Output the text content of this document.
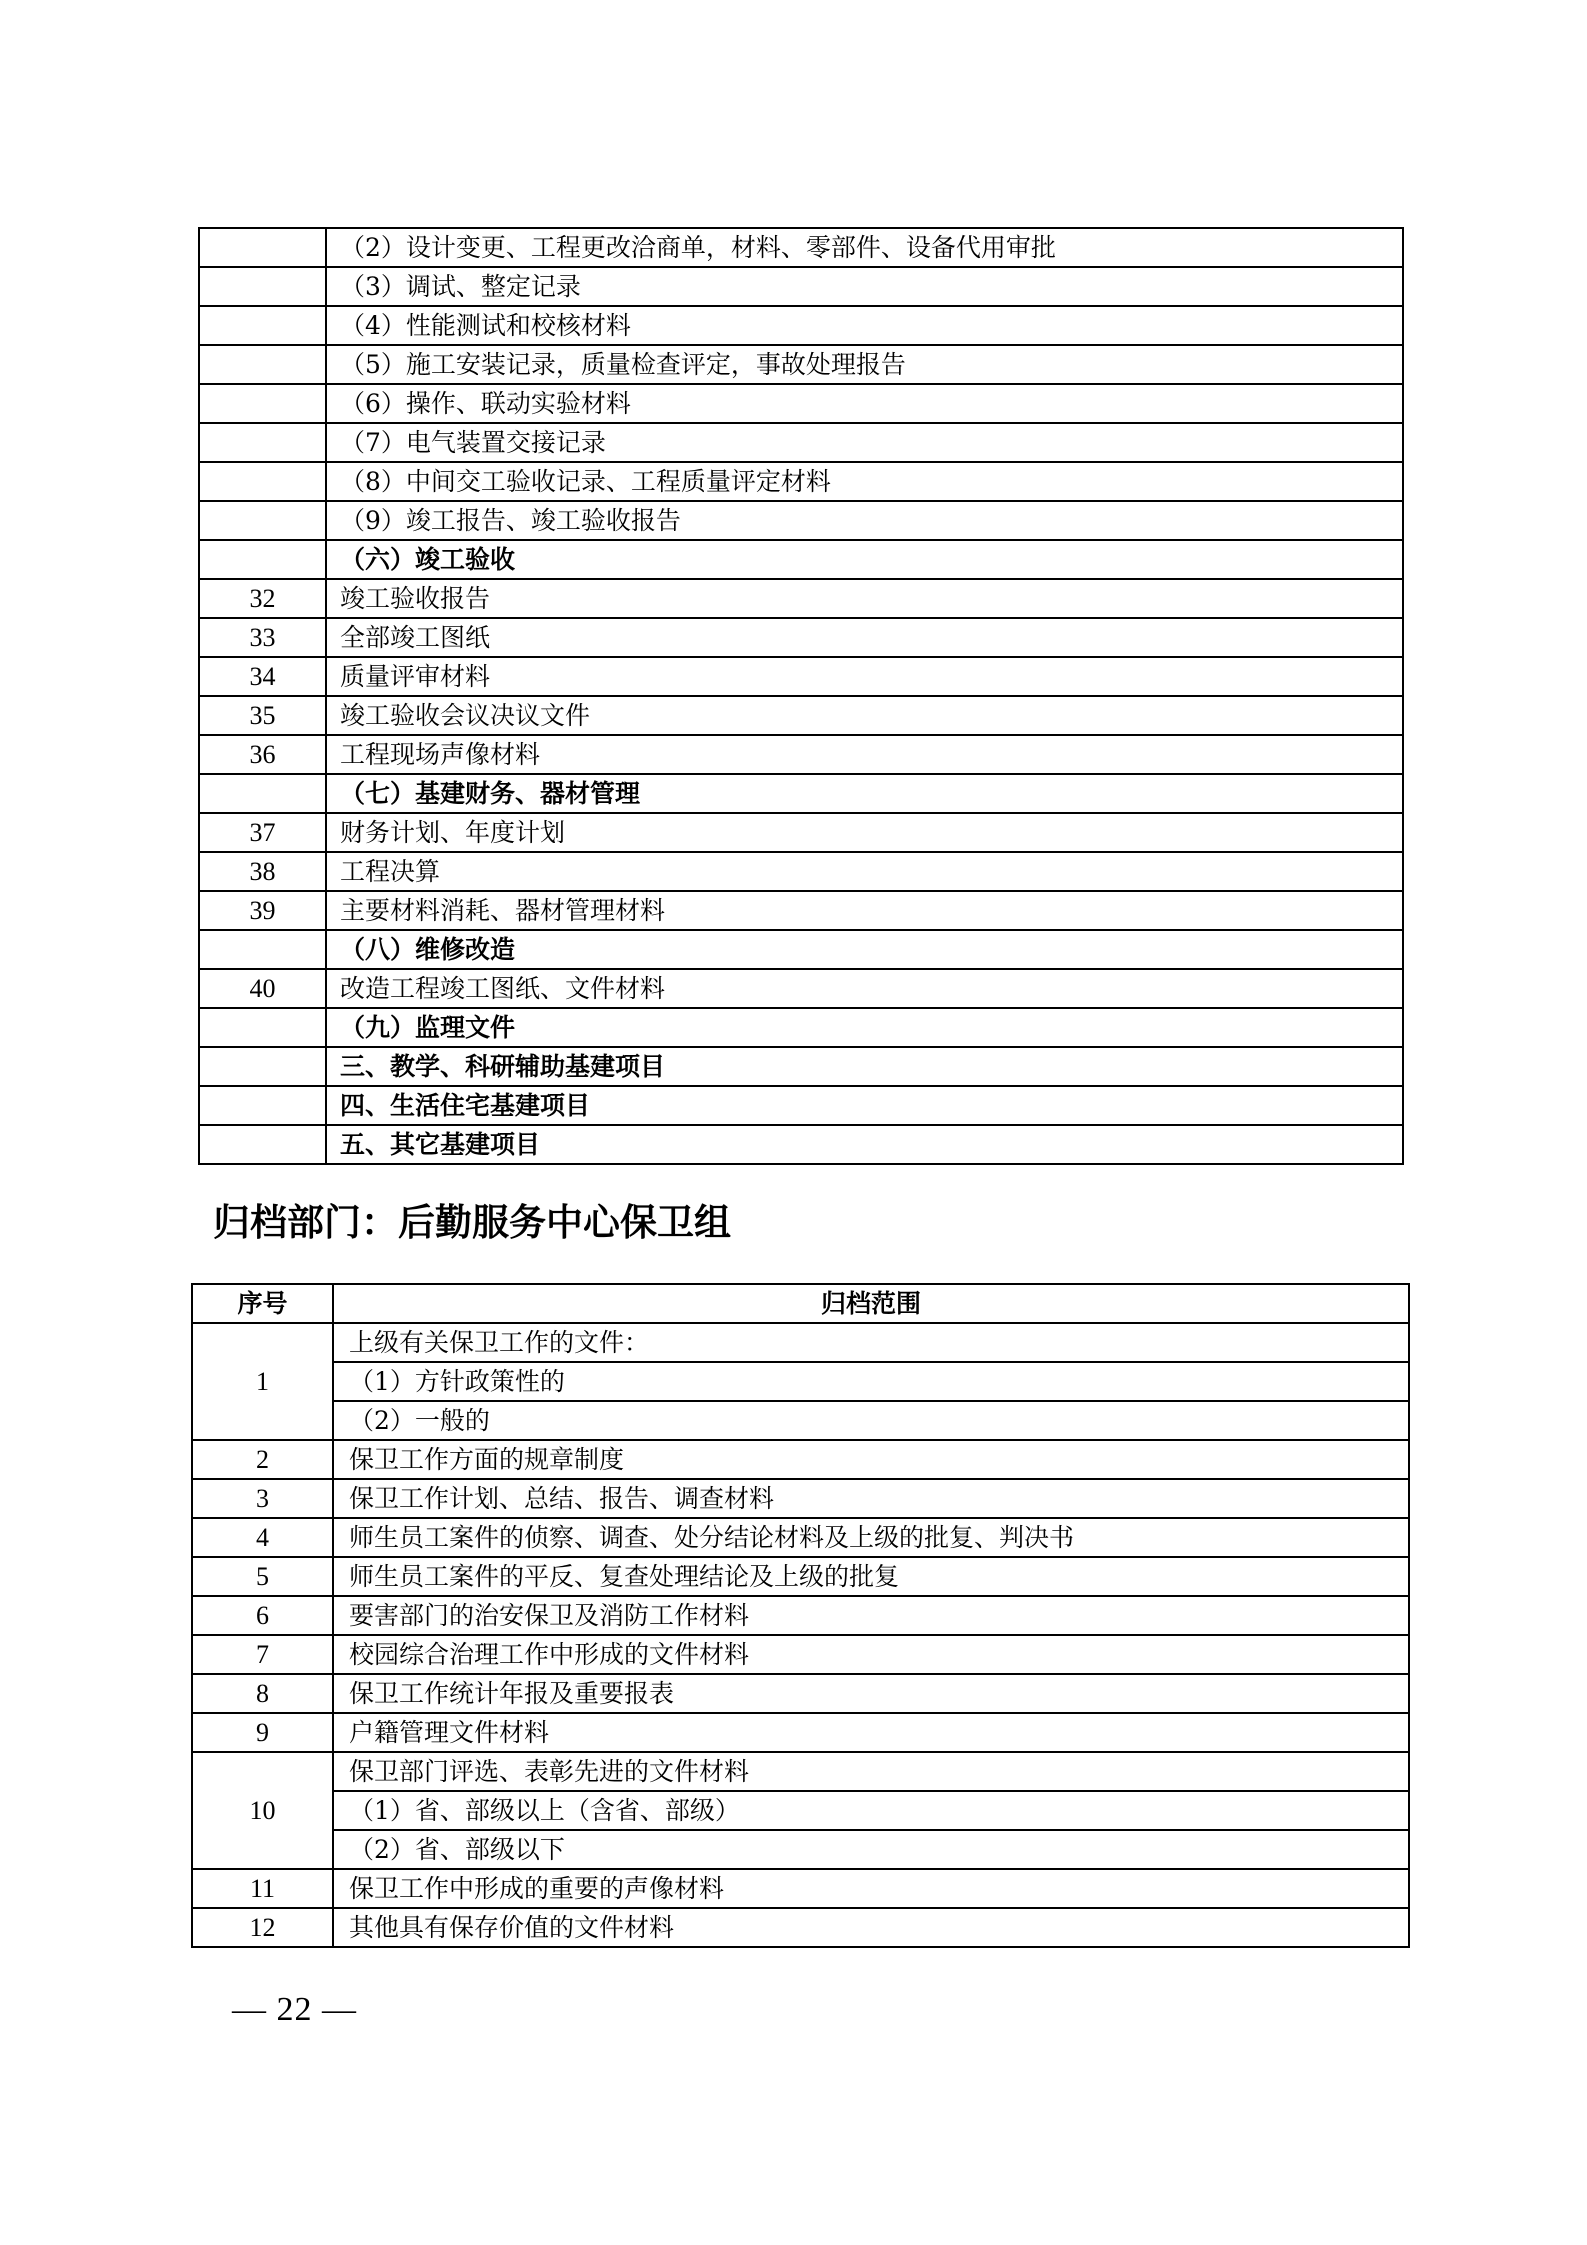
	（2）设计变更、工程更改洽商单，材料、零部件、设备代用审批
	（3）调试、整定记录
	（4）性能测试和校核材料
	（5）施工安装记录，质量检查评定，事故处理报告
	（6）操作、联动实验材料
	（7）电气装置交接记录
	（8）中间交工验收记录、工程质量评定材料
	（9）竣工报告、竣工验收报告
	（六）竣工验收
32	竣工验收报告
33	全部竣工图纸
34	质量评审材料
35	竣工验收会议决议文件
36	工程现场声像材料
	（七）基建财务、器材管理
37	财务计划、年度计划
38	工程决算
39	主要材料消耗、器材管理材料
	（八）维修改造
40	改造工程竣工图纸、文件材料
	（九）监理文件
	三、教学、科研辅助基建项目
	四、生活住宅基建项目
	五、其它基建项目
归档部门：后勤服务中心保卫组
序号	归档范围
1	上级有关保卫工作的文件：
	（1）方针政策性的
	（2）一般的
2	保卫工作方面的规章制度
3	保卫工作计划、总结、报告、调查材料
4	师生员工案件的侦察、调查、处分结论材料及上级的批复、判决书
5	师生员工案件的平反、复查处理结论及上级的批复
6	要害部门的治安保卫及消防工作材料
7	校园综合治理工作中形成的文件材料
8	保卫工作统计年报及重要报表
9	户籍管理文件材料
10	保卫部门评选、表彰先进的文件材料
	（1）省、部级以上（含省、部级）
	（2）省、部级以下
11	保卫工作中形成的重要的声像材料
12	其他具有保存价值的文件材料

— 22 —
